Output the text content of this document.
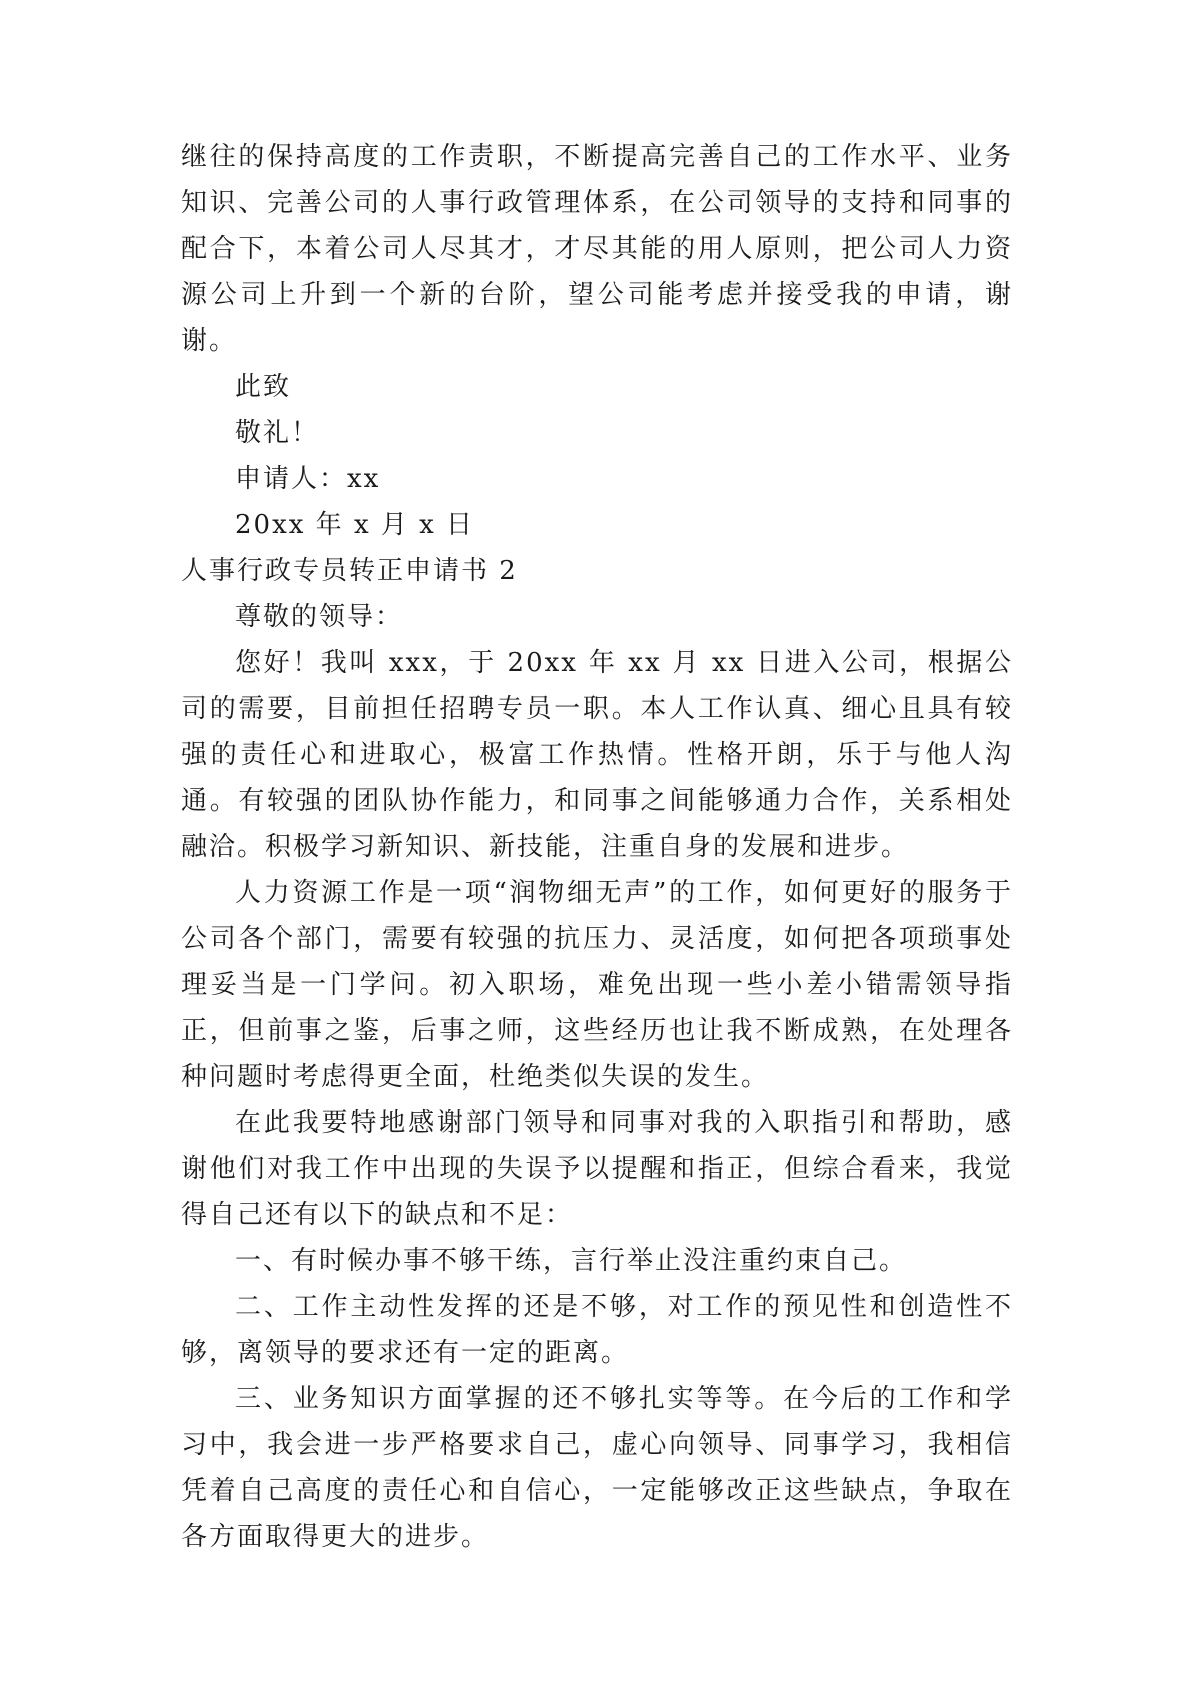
继往的保持高度的工作责职，不断提高完善自己的工作水平、业务知识、完善公司的人事行政管理体系，在公司领导的支持和同事的配合下，本着公司人尽其才，才尽其能的用人原则，把公司人力资源公司上升到一个新的台阶，望公司能考虑并接受我的申请，谢谢。

此致

敬礼！

申请人：xx

20xx 年 x 月 x 日

人事行政专员转正申请书 2

尊敬的领导：

您好！我叫 xxx，于 20xx 年 xx 月 xx 日进入公司，根据公司的需要，目前担任招聘专员一职。本人工作认真、细心且具有较强的责任心和进取心，极富工作热情。性格开朗，乐于与他人沟通。有较强的团队协作能力，和同事之间能够通力合作，关系相处融洽。积极学习新知识、新技能，注重自身的发展和进步。

人力资源工作是一项“润物细无声”的工作，如何更好的服务于公司各个部门，需要有较强的抗压力、灵活度，如何把各项琐事处理妥当是一门学问。初入职场，难免出现一些小差小错需领导指正，但前事之鉴，后事之师，这些经历也让我不断成熟，在处理各种问题时考虑得更全面，杜绝类似失误的发生。

在此我要特地感谢部门领导和同事对我的入职指引和帮助，感谢他们对我工作中出现的失误予以提醒和指正，但综合看来，我觉得自己还有以下的缺点和不足：

一、有时候办事不够干练，言行举止没注重约束自己。

二、工作主动性发挥的还是不够，对工作的预见性和创造性不够，离领导的要求还有一定的距离。

三、业务知识方面掌握的还不够扎实等等。在今后的工作和学习中，我会进一步严格要求自己，虚心向领导、同事学习，我相信凭着自己高度的责任心和自信心，一定能够改正这些缺点，争取在各方面取得更大的进步。
